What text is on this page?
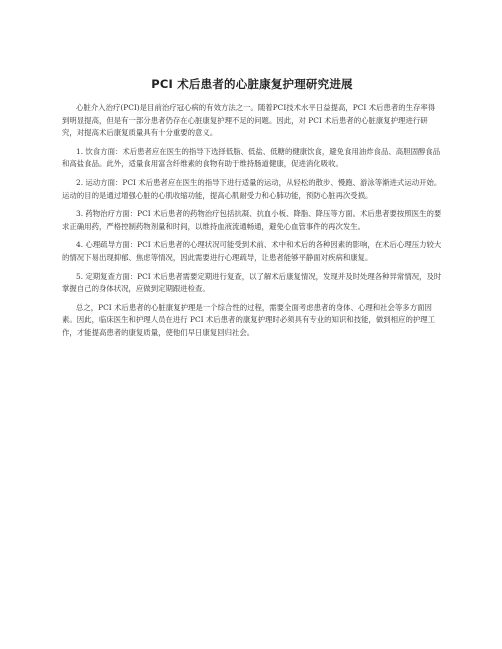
PCI 术后患者的心脏康复护理研究进展

心脏介入治疗(PCI)是目前治疗冠心病的有效方法之一。随着PCI技术水平日益提高，PCI 术后患者的生存率得到明显提高，但是有一部分患者仍存在心脏康复护理不足的问题。因此，对 PCI 术后患者的心脏康复护理进行研究，对提高术后康复质量具有十分重要的意义。

1. 饮食方面：术后患者应在医生的指导下选择低脂、低盐、低糖的健康饮食，避免食用油炸食品、高胆固醇食品和高盐食品。此外，适量食用富含纤维素的食物有助于维持肠道健康，促进消化吸收。

2. 运动方面：PCI 术后患者应在医生的指导下进行适量的运动，从轻松的散步、慢跑、游泳等渐进式运动开始。运动的目的是通过增强心脏的心肌收缩功能，提高心肌耐受力和心肺功能，预防心脏再次受损。

3. 药物治疗方面：PCI 术后患者的药物治疗包括抗凝、抗血小板、降脂、降压等方面。术后患者要按照医生的要求正确用药，严格控制药物剂量和时间，以维持血液流通畅通，避免心血管事件的再次发生。

4. 心理疏导方面：PCI 术后患者的心理状况可能受到术前、术中和术后的各种因素的影响，在术后心理压力较大的情况下易出现抑郁、焦虑等情况，因此需要进行心理疏导，让患者能够平静面对疾病和康复。

5. 定期复查方面：PCI 术后患者需要定期进行复查，以了解术后康复情况，发现并及时处理各种异常情况，及时掌握自己的身体状况，应做到定期跟进检查。

总之，PCI 术后患者的心脏康复护理是一个综合性的过程，需要全面考虑患者的身体、心理和社会等多方面因素。因此，临床医生和护理人员在进行 PCI 术后患者的康复护理时必须具有专业的知识和技能，做到相应的护理工作，才能提高患者的康复质量，使他们早日康复回归社会。
